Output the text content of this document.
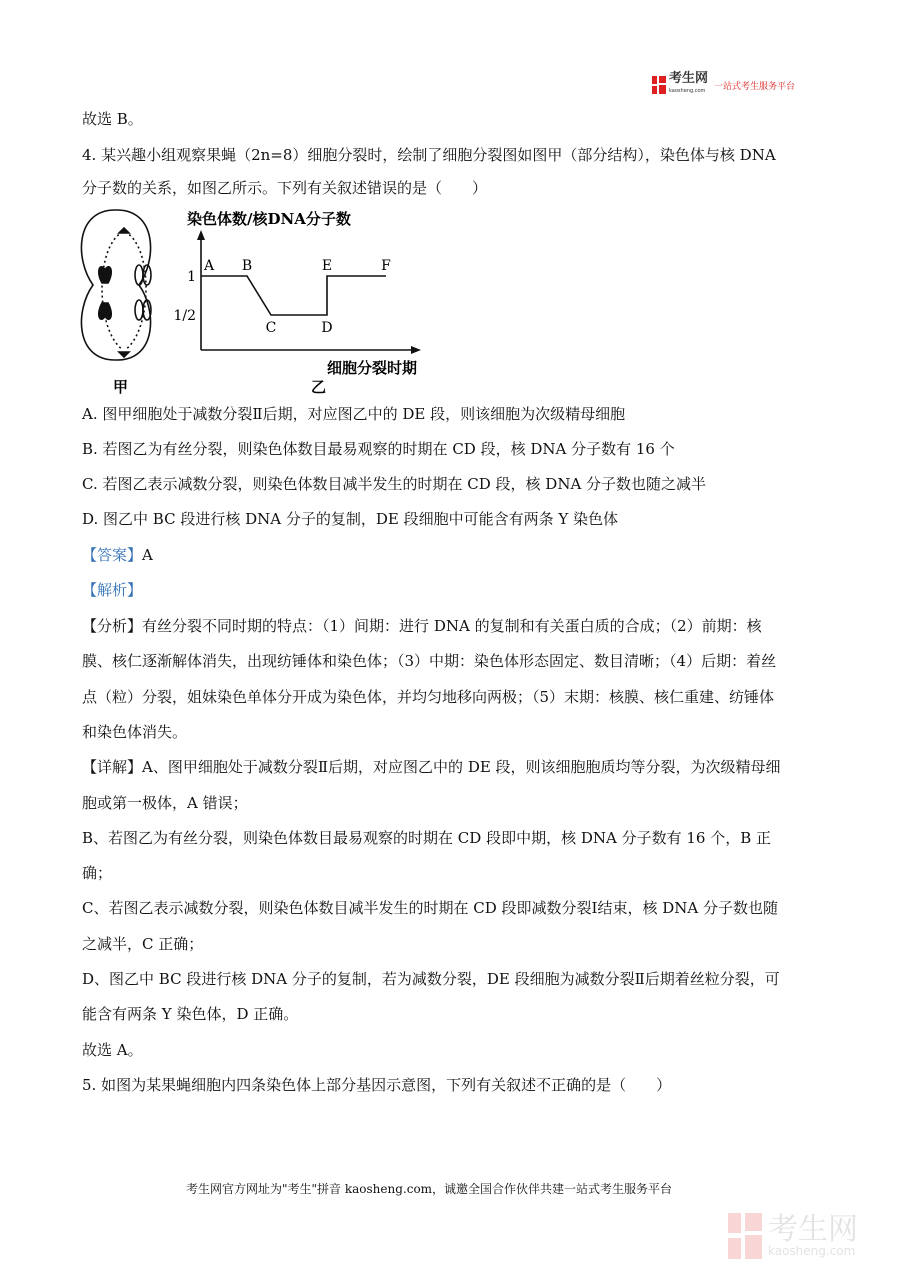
考生网
kaosheng.com 一站式考生服务平台
故选 B。
4. 某兴趣小组观察果蝇（2n=8）细胞分裂时，绘制了细胞分裂图如图甲（部分结构），染色体与核 DNA
分子数的关系，如图乙所示。下列有关叙述错误的是（　　）
甲
1
1/2
A B
C	D
E	F
染色体数/核DNA分子数
细胞分裂时期
乙
A. 图甲细胞处于减数分裂Ⅱ后期，对应图乙中的 DE 段，则该细胞为次级精母细胞
B. 若图乙为有丝分裂，则染色体数目最易观察的时期在 CD 段，核 DNA 分子数有 16 个
C. 若图乙表示减数分裂，则染色体数目减半发生的时期在 CD 段，核 DNA 分子数也随之减半
D. 图乙中 BC 段进行核 DNA 分子的复制，DE 段细胞中可能含有两条 Y 染色体
【答案】A
【解析】
【分析】有丝分裂不同时期的特点：（1）间期：进行 DNA 的复制和有关蛋白质的合成；（2）前期：核
膜、核仁逐渐解体消失，出现纺锤体和染色体；（3）中期：染色体形态固定、数目清晰；（4）后期：着丝
点（粒）分裂，姐妹染色单体分开成为染色体，并均匀地移向两极；（5）末期：核膜、核仁重建、纺锤体
和染色体消失。
【详解】A、图甲细胞处于减数分裂Ⅱ后期，对应图乙中的 DE 段，则该细胞胞质均等分裂，为次级精母细
胞或第一极体，A 错误；
B、若图乙为有丝分裂，则染色体数目最易观察的时期在 CD 段即中期，核 DNA 分子数有 16 个，B 正
确；
C、若图乙表示减数分裂，则染色体数目减半发生的时期在 CD 段即减数分裂Ⅰ结束，核 DNA 分子数也随
之减半，C 正确；
D、图乙中 BC 段进行核 DNA 分子的复制，若为减数分裂，DE 段细胞为减数分裂Ⅱ后期着丝粒分裂，可
能含有两条 Y 染色体，D 正确。
故选 A。
5. 如图为某果蝇细胞内四条染色体上部分基因示意图，下列有关叙述不正确的是（　　）
考生网官方网址为"考生"拼音 kaosheng.com，诚邀全国合作伙伴共建一站式考生服务平台
考生网
kaosheng.com
